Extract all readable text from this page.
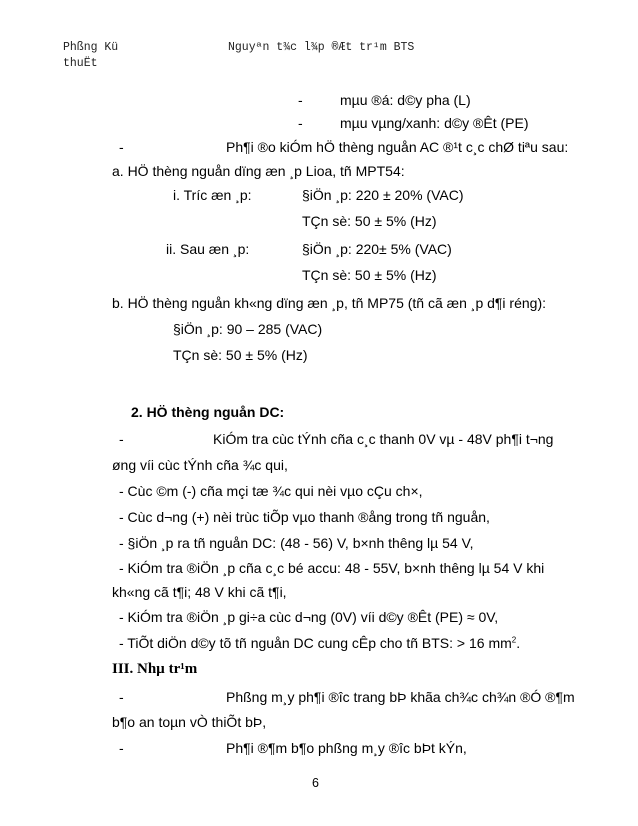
Phßng Kü
thuËt
Nguyªn t¾c l¾p ®Æt tr¹m BTS
-	mµu ®á: d©y pha (L)
-	mµu vµng/xanh: d©y ®Êt (PE)
-	Ph¶i ®o kiÓm hÖ thèng nguån AC ®¹t c¸c chØ tiªu sau:
a. HÖ thèng nguån dïng æn ¸p Lioa, tñ MPT54:
i. Tríc æn ¸p:	§iÖn ¸p: 220 ± 20% (VAC)
TÇn sè: 50 ± 5% (Hz)
ii. Sau æn ¸p:	§iÖn ¸p: 220± 5% (VAC)
TÇn sè: 50 ± 5% (Hz)
b. HÖ thèng nguån kh«ng dïng æn ¸p, tñ MP75 (tñ cã æn ¸p d¶i réng):
§iÖn ¸p: 90 – 285 (VAC)
TÇn sè: 50 ± 5% (Hz)
2. HÖ thèng nguån DC:
-	KiÓm tra cùc tÝnh cña c¸c thanh 0V vµ - 48V ph¶i t¬ng
øng víi cùc tÝnh cña ¾c qui,
- Cùc ©m (-) cña mçi tæ ¾c qui nèi vµo cÇu ch×,
- Cùc d¬ng (+) nèi trùc tiÕp vµo thanh ®ång trong tñ nguån,
- §iÖn ¸p ra tñ nguån DC: (48 - 56) V, b×nh thêng lµ 54 V,
- KiÓm tra ®iÖn ¸p cña c¸c bé accu: 48 - 55V, b×nh thêng lµ 54 V khi
kh«ng cã t¶i; 48 V khi cã t¶i,
- KiÓm tra ®iÖn ¸p gi÷a cùc d¬ng (0V) víi d©y ®Êt (PE) ≈ 0V,
- TiÕt diÖn d©y tõ tñ nguån DC cung cÊp cho tñ BTS: > 16 $mm^2$.
III. Nhµ tr¹m
-	Phßng m¸y ph¶i ®îc trang bÞ khãa ch¾c ch¾n ®Ó ®¶m
b¶o an toµn vÒ thiÕt bÞ,
-	Ph¶i ®¶m b¶o phßng m¸y ®îc bÞt kÝn,
6
